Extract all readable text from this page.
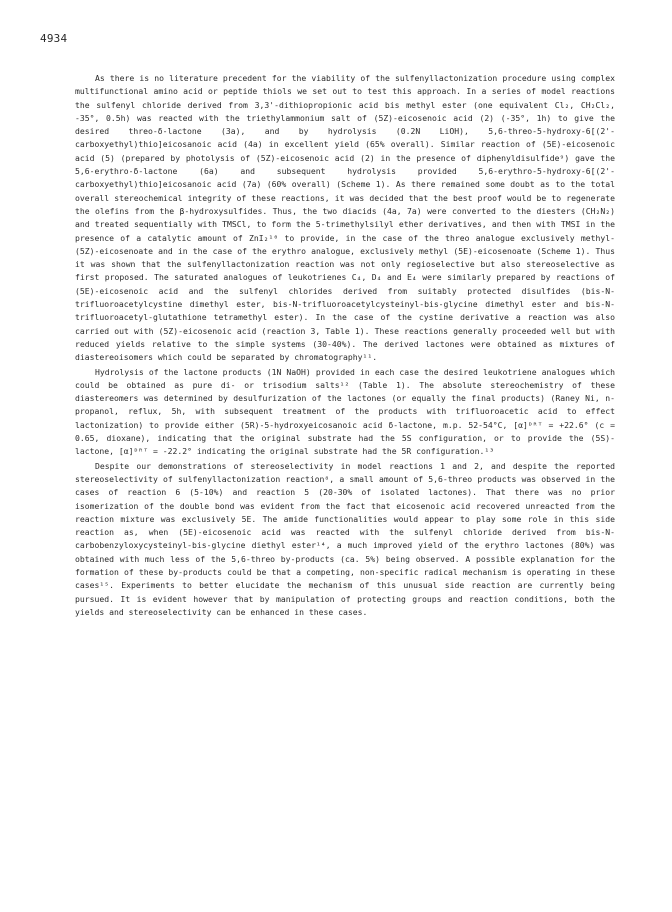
4934

As there is no literature precedent for the viability of the sulfenyllactonization procedure using complex multifunctional amino acid or peptide thiols we set out to test this approach. In a series of model reactions the sulfenyl chloride derived from 3,3'-dithiopropionic acid bis methyl ester (one equivalent Cl₂, CH₂Cl₂, -35°, 0.5h) was reacted with the triethylammonium salt of (5Z)-eicosenoic acid (2) (-35°, 1h) to give the desired threo-δ-lactone (3a), and by hydrolysis (0.2N LiOH), 5,6-threo-5-hydroxy-6[(2'-carboxyethyl)thio]eicosanoic acid (4a) in excellent yield (65% overall). Similar reaction of (5E)-eicosenoic acid (5) (prepared by photolysis of (5Z)-eicosenoic acid (2) in the presence of diphenyldisulfide⁹) gave the 5,6-erythro-δ-lactone (6a) and subsequent hydrolysis provided 5,6-erythro-5-hydroxy-6[(2'-carboxyethyl)thio]eicosanoic acid (7a) (60% overall) (Scheme 1). As there remained some doubt as to the total overall stereochemical integrity of these reactions, it was decided that the best proof would be to regenerate the olefins from the β-hydroxysulfides. Thus, the two diacids (4a, 7a) were converted to the diesters (CH₂N₂) and treated sequentially with TMSCl, to form the 5-trimethylsilyl ether derivatives, and then with TMSI in the presence of a catalytic amount of ZnI₂¹⁰ to provide, in the case of the threo analogue exclusively methyl-(5Z)-eicosenoate and in the case of the erythro analogue, exclusively methyl (5E)-eicosenoate (Scheme 1). Thus it was shown that the sulfenyllactonization reaction was not only regioselective but also stereoselective as first proposed. The saturated analogues of leukotrienes C₄, D₄ and E₄ were similarly prepared by reactions of (5E)-eicosenoic acid and the sulfenyl chlorides derived from suitably protected disulfides (bis-N-trifluoroacetylcystine dimethyl ester, bis-N-trifluoroacetylcysteinyl-bis-glycine dimethyl ester and bis-N-trifluoroacetyl-glutathione tetramethyl ester). In the case of the cystine derivative a reaction was also carried out with (5Z)-eicosenoic acid (reaction 3, Table 1). These reactions generally proceeded well but with reduced yields relative to the simple systems (30-40%). The derived lactones were obtained as mixtures of diastereoisomers which could be separated by chromatography¹¹.

Hydrolysis of the lactone products (1N NaOH) provided in each case the desired leukotriene analogues which could be obtained as pure di- or trisodium salts¹² (Table 1). The absolute stereochemistry of these diastereomers was determined by desulfurization of the lactones (or equally the final products) (Raney Ni, n-propanol, reflux, 5h, with subsequent treatment of the products with trifluoroacetic acid to effect lactonization) to provide either (5R)-5-hydroxyeicosanoic acid δ-lactone, m.p. 52-54°C, [α]ᴰᴿᵀ = +22.6° (c = 0.65, dioxane), indicating that the original substrate had the 5S configuration, or to provide the (5S)-lactone, [α]ᴰᴿᵀ = -22.2° indicating the original substrate had the 5R configuration.¹³

Despite our demonstrations of stereoselectivity in model reactions 1 and 2, and despite the reported stereoselectivity of sulfenyllactonization reaction⁸, a small amount of 5,6-threo products was observed in the cases of reaction 6 (5-10%) and reaction 5 (20-30% of isolated lactones). That there was no prior isomerization of the double bond was evident from the fact that eicosenoic acid recovered unreacted from the reaction mixture was exclusively 5E. The amide functionalities would appear to play some role in this side reaction as, when (5E)-eicosenoic acid was reacted with the sulfenyl chloride derived from bis-N-carbobenzyloxycysteinyl-bis-glycine diethyl ester¹⁴, a much improved yield of the erythro lactones (80%) was obtained with much less of the 5,6-threo by-products (ca. 5%) being observed. A possible explanation for the formation of these by-products could be that a competing, non-specific radical mechanism is operating in these cases¹⁵. Experiments to better elucidate the mechanism of this unusual side reaction are currently being pursued. It is evident however that by manipulation of protecting groups and reaction conditions, both the yields and stereoselectivity can be enhanced in these cases.
